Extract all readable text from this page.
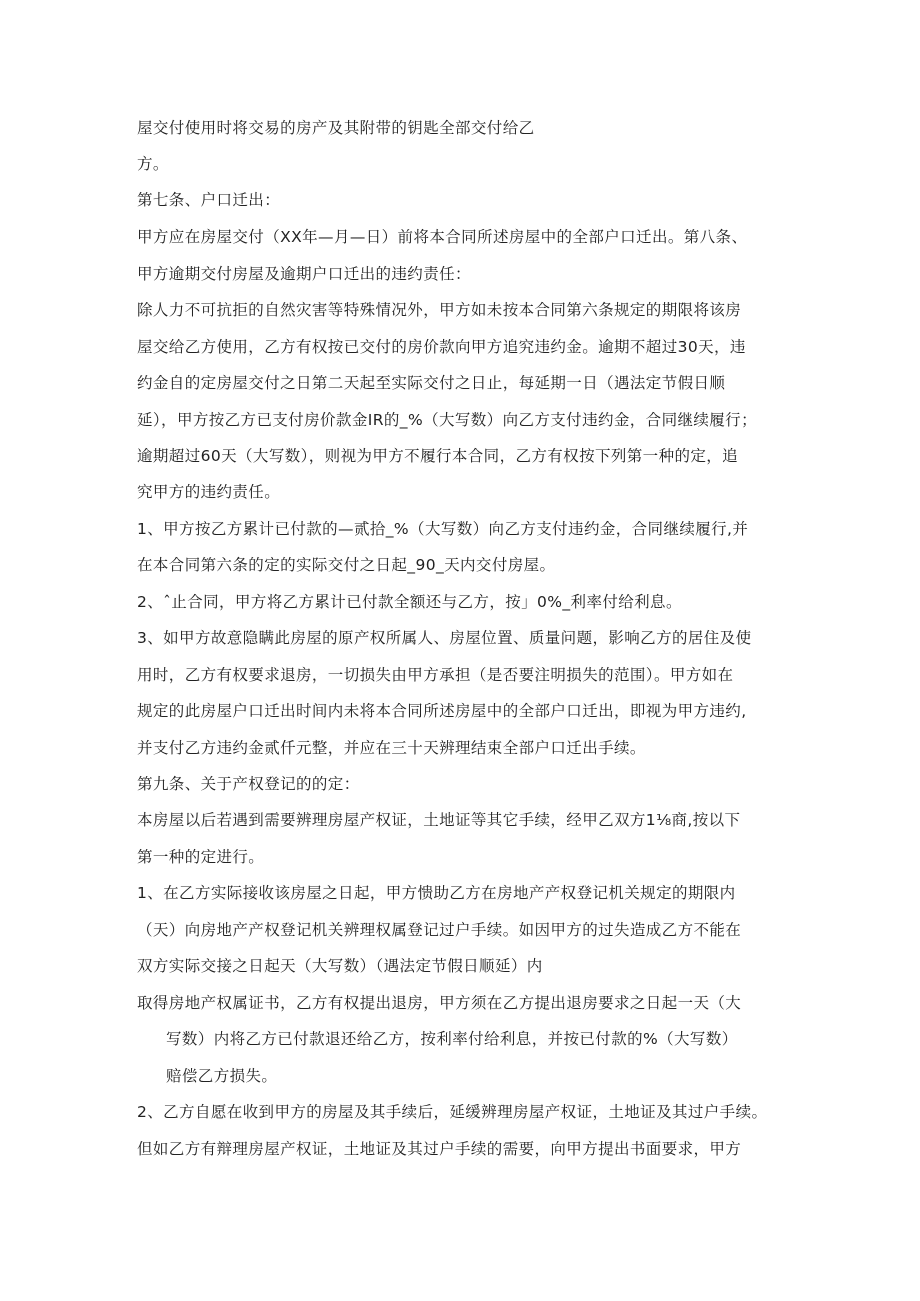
屋交付使用时将交易的房产及其附带的钥匙全部交付给乙
方。
第七条、户口迁出：
甲方应在房屋交付（XX年—月—日）前将本合同所述房屋中的全部户口迁出。第八条、
甲方逾期交付房屋及逾期户口迁出的违约责任：
除人力不可抗拒的自然灾害等特殊情况外，甲方如未按本合同第六条规定的期限将该房
屋交给乙方使用，乙方有权按已交付的房价款向甲方追究违约金。逾期不超过30天，违
约金自的定房屋交付之日第二天起至实际交付之日止，每延期一日（遇法定节假日顺
延），甲方按乙方已支付房价款金IR的_%（大写数）向乙方支付违约金，合同继续履行；
逾期超过60天（大写数），则视为甲方不履行本合同，乙方有权按下列第一种的定，追
究甲方的违约责任。
1、甲方按乙方累计已付款的—贰拾_%（大写数）向乙方支付违约金，合同继续履行,并
在本合同第六条的定的实际交付之日起_90_天内交付房屋。
2、ˆ止合同，甲方将乙方累计已付款全额还与乙方，按」0%_利率付给利息。
3、如甲方故意隐瞒此房屋的原产权所属人、房屋位置、质量问题，影响乙方的居住及使
用时，乙方有权要求退房，一切损失由甲方承担（是否要注明损失的范围）。甲方如在
规定的此房屋户口迁出时间内未将本合同所述房屋中的全部户口迁出，即视为甲方违约,
并支付乙方违约金贰仟元整，并应在三十天辨理结束全部户口迁出手续。
第九条、关于产权登记的的定：
本房屋以后若遇到需要辨理房屋产权证，土地证等其它手续，经甲乙双方1⅛商,按以下
第一种的定进行。
1、在乙方实际接收该房屋之日起，甲方愦助乙方在房地产产权登记机关规定的期限内
（天）向房地产产权登记机关辨理权属登记过户手续。如因甲方的过失造成乙方不能在
双方实际交接之日起天（大写数）（遇法定节假日顺延）内
取得房地产权属证书，乙方有权提出退房，甲方须在乙方提出退房要求之日起一天（大
写数）内将乙方已付款退还给乙方，按利率付给利息，并按已付款的%（大写数）
赔偿乙方损失。
2、乙方自愿在收到甲方的房屋及其手续后，延缓辨理房屋产权证，土地证及其过户手续。
但如乙方有辩理房屋产权证，土地证及其过户手续的需要，向甲方提出书面要求，甲方
